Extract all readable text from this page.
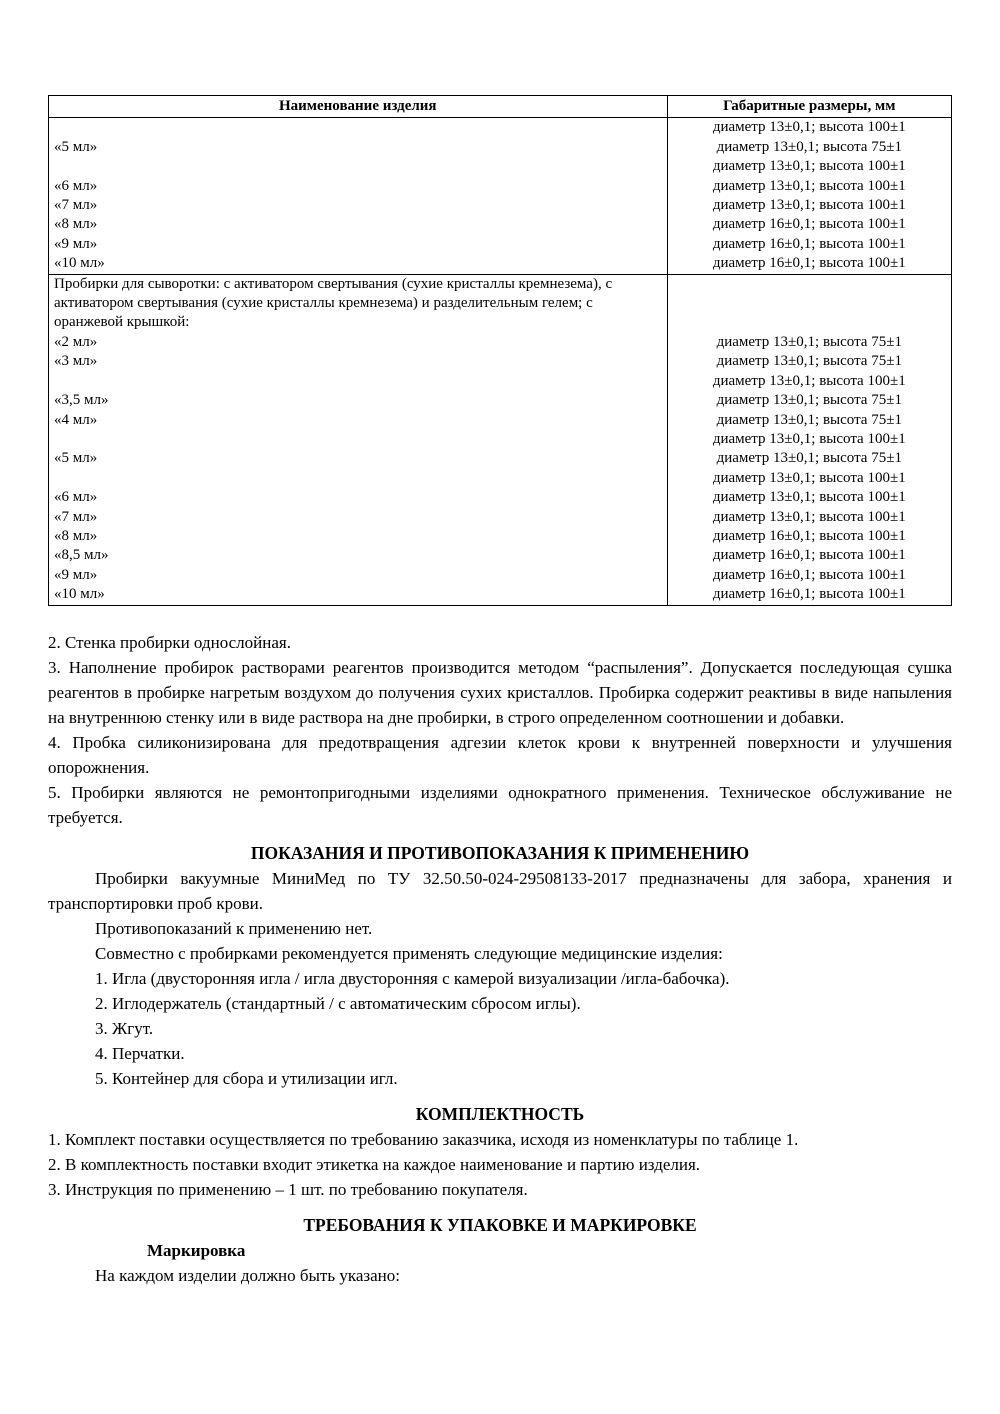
Наименование изделия	Габаритные размеры, мм
	диаметр 13±0,1; высота 100±1
«5 мл»	диаметр 13±0,1; высота 75±1
	диаметр 13±0,1; высота 100±1
«6 мл»	диаметр 13±0,1; высота 100±1
«7 мл»	диаметр 13±0,1; высота 100±1
«8 мл»	диаметр 16±0,1; высота 100±1
«9 мл»	диаметр 16±0,1; высота 100±1
«10 мл»	диаметр 16±0,1; высота 100±1
Пробирки для сыворотки: с активатором свертывания (сухие кристаллы кремнезема), с активатором свертывания (сухие кристаллы кремнезема) и разделительным гелем; с оранжевой крышкой:	
«2 мл»	диаметр 13±0,1; высота 75±1
«3 мл»	диаметр 13±0,1; высота 75±1
	диаметр 13±0,1; высота 100±1
«3,5 мл»	диаметр 13±0,1; высота 75±1
«4 мл»	диаметр 13±0,1; высота 75±1
	диаметр 13±0,1; высота 100±1
«5 мл»	диаметр 13±0,1; высота 75±1
	диаметр 13±0,1; высота 100±1
«6 мл»	диаметр 13±0,1; высота 100±1
«7 мл»	диаметр 13±0,1; высота 100±1
«8 мл»	диаметр 16±0,1; высота 100±1
«8,5 мл»	диаметр 16±0,1; высота 100±1
«9 мл»	диаметр 16±0,1; высота 100±1
«10 мл»	диаметр 16±0,1; высота 100±1

2. Стенка пробирки однослойная.

3. Наполнение пробирок растворами реагентов производится методом “распыления”. Допускается последующая сушка реагентов в пробирке нагретым воздухом до получения сухих кристаллов. Пробирка содержит реактивы в виде напыления на внутреннюю стенку или в виде раствора на дне пробирки, в строго определенном соотношении и добавки.

4. Пробка силиконизирована для предотвращения адгезии клеток крови к внутренней поверхности и улучшения опорожнения.

5. Пробирки являются не ремонтопригодными изделиями однократного применения. Техническое обслуживание не требуется.

ПОКАЗАНИЯ И ПРОТИВОПОКАЗАНИЯ К ПРИМЕНЕНИЮ

Пробирки вакуумные МиниМед по ТУ 32.50.50-024-29508133-2017 предназначены для забора, хранения и транспортировки проб крови.

Противопоказаний к применению нет.

Совместно с пробирками рекомендуется применять следующие медицинские изделия:

1. Игла (двусторонняя игла / игла двусторонняя с камерой визуализации /игла-бабочка).

2. Иглодержатель (стандартный / с автоматическим сбросом иглы).

3. Жгут.

4. Перчатки.

5. Контейнер для сбора и утилизации игл.

КОМПЛЕКТНОСТЬ

1. Комплект поставки осуществляется по требованию заказчика, исходя из номенклатуры по таблице 1.

2. В комплектность поставки входит этикетка на каждое наименование и партию изделия.

3. Инструкция по применению – 1 шт. по требованию покупателя.

ТРЕБОВАНИЯ К УПАКОВКЕ И МАРКИРОВКЕ

Маркировка

На каждом изделии должно быть указано:
